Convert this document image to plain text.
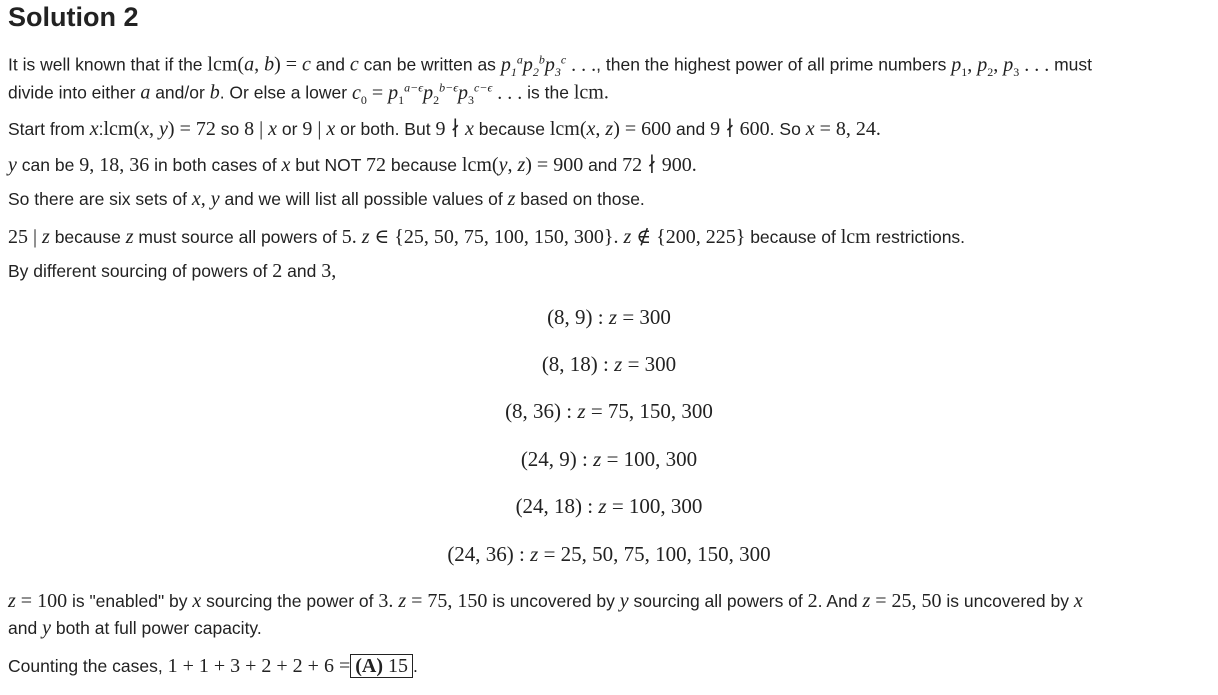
Solution 2
It is well known that if the lcm(a, b) = c and c can be written as $p_1^ap_2^bp_3^c$ . . ., then the highest power of all prime numbers $p_1$, $p_2$, $p_3$ . . . must
divide into either a and/or b. Or else a lower $c_0 = p_1^{a-\epsilon}p_2^{b-\epsilon}p_3^{c-\epsilon}$ . . . is the lcm.
Start from x:lcm(x, y) = 72 so 8 | x or 9 | x or both. But 9 ∤ x because lcm(x, z) = 600 and 9 ∤ 600. So x = 8, 24.
y can be 9, 18, 36 in both cases of x but NOT 72 because lcm(y, z) = 900 and 72 ∤ 900.
So there are six sets of x, y and we will list all possible values of z based on those.
25 | z because z must source all powers of 5. z ∈ {25, 50, 75, 100, 150, 300}. z ∉ {200, 225} because of lcm restrictions.
By different sourcing of powers of 2 and 3,
(8, 9) : z = 300
(8, 18) : z = 300
(8, 36) : z = 75, 150, 300
(24, 9) : z = 100, 300
(24, 18) : z = 100, 300
(24, 36) : z = 25, 50, 75, 100, 150, 300
z = 100 is "enabled" by x sourcing the power of 3. z = 75, 150 is uncovered by y sourcing all powers of 2. And z = 25, 50 is uncovered by x
and y both at full power capacity.
Counting the cases, 1 + 1 + 3 + 2 + 2 + 6 = (A) 15 .
